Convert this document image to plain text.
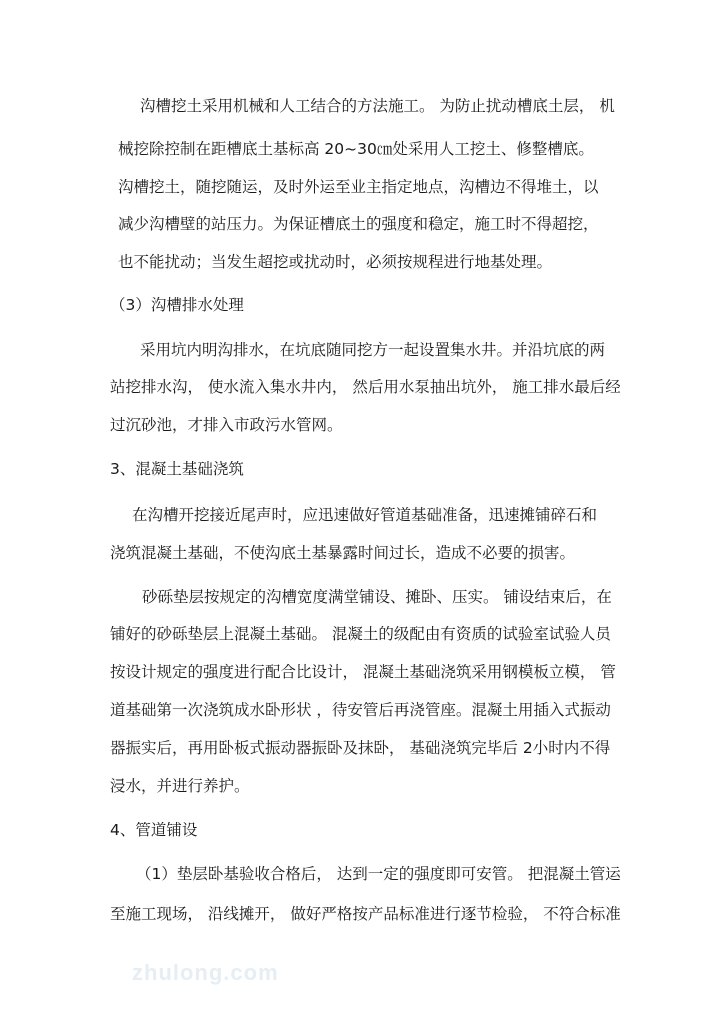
沟槽挖土采用机械和人工结合的方法施工。 为防止扰动槽底土层， 机
械挖除控制在距槽底土基标高 20~30㎝处采用人工挖土、修整槽底。
沟槽挖土，随挖随运，及时外运至业主指定地点，沟槽边不得堆土，以
减少沟槽壁的站压力。为保证槽底土的强度和稳定，施工时不得超挖，
也不能扰动；当发生超挖或扰动时，必须按规程进行地基处理。
（3）沟槽排水处理
采用坑内明沟排水，在坑底随同挖方一起设置集水井。并沿坑底的两
站挖排水沟， 使水流入集水井内， 然后用水泵抽出坑外， 施工排水最后经
过沉砂池，才排入市政污水管网。
3、混凝土基础浇筑
在沟槽开挖接近尾声时，应迅速做好管道基础准备，迅速摊铺碎石和
浇筑混凝土基础，不使沟底土基暴露时间过长，造成不必要的损害。
砂砾垫层按规定的沟槽宽度满堂铺设、摊卧、压实。 铺设结束后，在
铺好的砂砾垫层上混凝土基础。 混凝土的级配由有资质的试验室试验人员
按设计规定的强度进行配合比设计， 混凝土基础浇筑采用钢模板立模， 管
道基础第一次浇筑成水卧形状 ，待安管后再浇管座。混凝土用插入式振动
器振实后，再用卧板式振动器振卧及抹卧， 基础浇筑完毕后 2小时内不得
浸水，并进行养护。
4、管道铺设
（1）垫层卧基验收合格后， 达到一定的强度即可安管。 把混凝土管运
至施工现场， 沿线摊开， 做好严格按产品标准进行逐节检验， 不符合标准
zhulong.com
